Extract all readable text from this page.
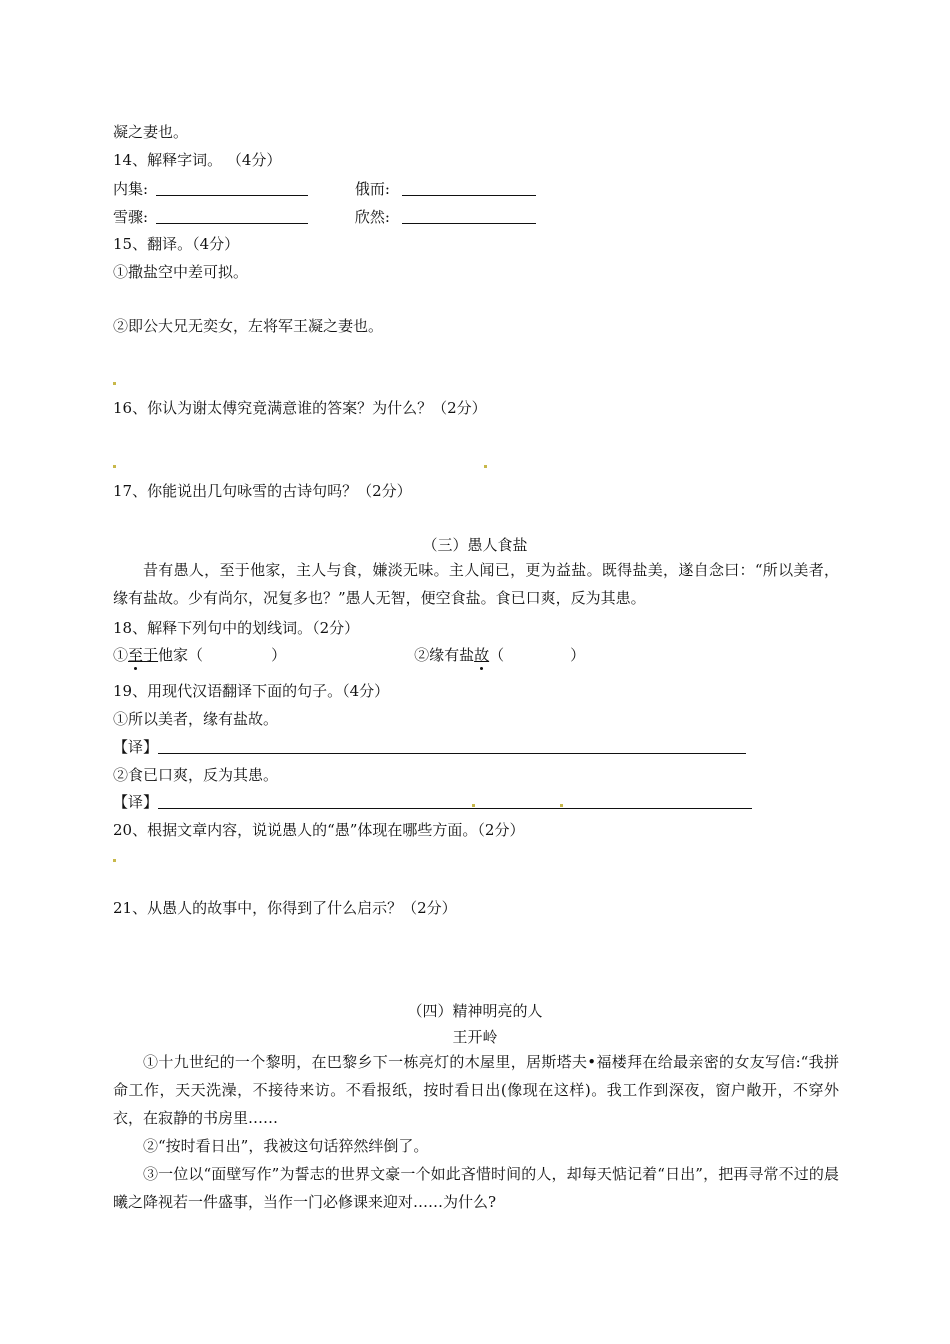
凝之妻也。
14、解释字词。 （4分）
内集:	俄而:
雪骤:	欣然:
15、翻译。（4分）
①撒盐空中差可拟。
②即公大兄无奕女，左将军王凝之妻也。
16、你认为谢太傅究竟满意谁的答案？为什么？（2分）
17、你能说出几句咏雪的古诗句吗？（2分）
（三）愚人食盐
昔有愚人，至于他家，主人与食，嫌淡无味。主人闻已，更为益盐。既得盐美，遂自念曰：“所以美者，缘有盐故。少有尚尔，况复多也？”愚人无智，便空食盐。食已口爽，反为其患。
18、解释下列句中的划线词。（2分）
①至于他家（	）	②缘有盐故（	）
19、用现代汉语翻译下面的句子。（4分）
①所以美者，缘有盐故。
【译】
②食已口爽，反为其患。
【译】
20、根据文章内容，说说愚人的“愚”体现在哪些方面。（2分）
21、从愚人的故事中，你得到了什么启示？（2分）
（四）精神明亮的人
王开岭
①十九世纪的一个黎明，在巴黎乡下一栋亮灯的木屋里，居斯塔夫•福楼拜在给最亲密的女友写信:“我拼命工作，天天洗澡，不接待来访。不看报纸，按时看日出(像现在这样)。我工作到深夜，窗户敞开，不穿外衣，在寂静的书房里……
②“按时看日出”，我被这句话猝然绊倒了。
③一位以“面壁写作”为誓志的世界文豪一个如此吝惜时间的人，却每天惦记着“日出”，把再寻常不过的晨曦之降视若一件盛事，当作一门必修课来迎对……为什么?
